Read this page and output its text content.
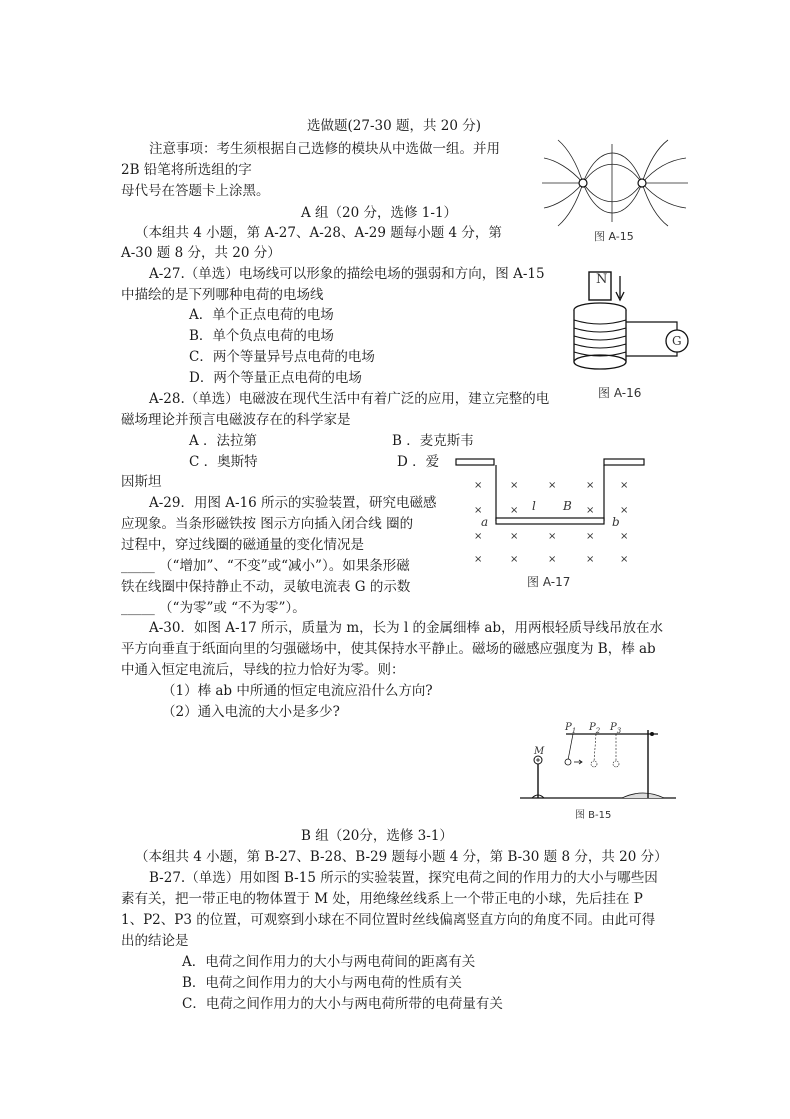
选做题(27-30 题，共 20 分)
注意事项：考生须根据自己选修的模块从中选做一组。并用
2B 铅笔将所选组的字
母代号在答题卡上涂黑。
A 组（20 分，选修 1-1）
（本组共 4 小题，第 A-27、A-28、A-29 题每小题 4 分，第
A-30 题 8 分，共 20 分）
A-27.（单选）电场线可以形象的描绘电场的强弱和方向，图 A-15
中描绘的是下列哪种电荷的电场线
A．单个正点电荷的电场
B．单个负点电荷的电场
C．两个等量异号点电荷的电场
D．两个等量正点电荷的电场
A-28.（单选）电磁波在现代生活中有着广泛的应用，建立完整的电
磁场理论并预言电磁波存在的科学家是
A ．法拉第	B ．麦克斯韦
C ．奥斯特	D ．爱
因斯坦
A-29．用图 A-16 所示的实验装置，研究电磁感
应现象。当条形磁铁按 图示方向插入闭合线 圈的
过程中，穿过线圈的磁通量的变化情况是
_____ （“增加”、“不变”或“减小”）。如果条形磁
铁在线圈中保持静止不动，灵敏电流表 G 的示数
_____ （“为零”或 “不为零”）。
A-30．如图 A-17 所示，质量为 m，长为 l 的金属细棒 ab，用两根轻质导线吊放在水
平方向垂直于纸面向里的匀强磁场中，使其保持水平静止。磁场的磁感应强度为 B，棒 ab
中通入恒定电流后，导线的拉力恰好为零。则：
（1）棒 ab 中所通的恒定电流应沿什么方向?
（2）通入电流的大小是多少?
B 组（20分，选修 3-1）
（本组共 4 小题，第 B-27、B-28、B-29 题每小题 4 分，第 B-30 题 8 分，共 20 分）
B-27.（单选）用如图 B-15 所示的实验装置，探究电荷之间的作用力的大小与哪些因
素有关，把一带正电的物体置于 M 处，用绝缘丝线系上一个带正电的小球，先后挂在 P
1、P2、P3 的位置，可观察到小球在不同位置时丝线偏离竖直方向的角度不同。由此可得
出的结论是
A．电荷之间作用力的大小与两电荷间的距离有关
B．电荷之间作用力的大小与两电荷的性质有关
C．电荷之间作用力的大小与两电荷所带的电荷量有关
图 A-15
N
G
图 A-16
×	×	×	×	×
×	×	×	×
×	×	×	×	×
×	×	×	×	×
a	b
l B
图 A-17
M
$P_1$ $P_2$ $P_3$
图 B-15
